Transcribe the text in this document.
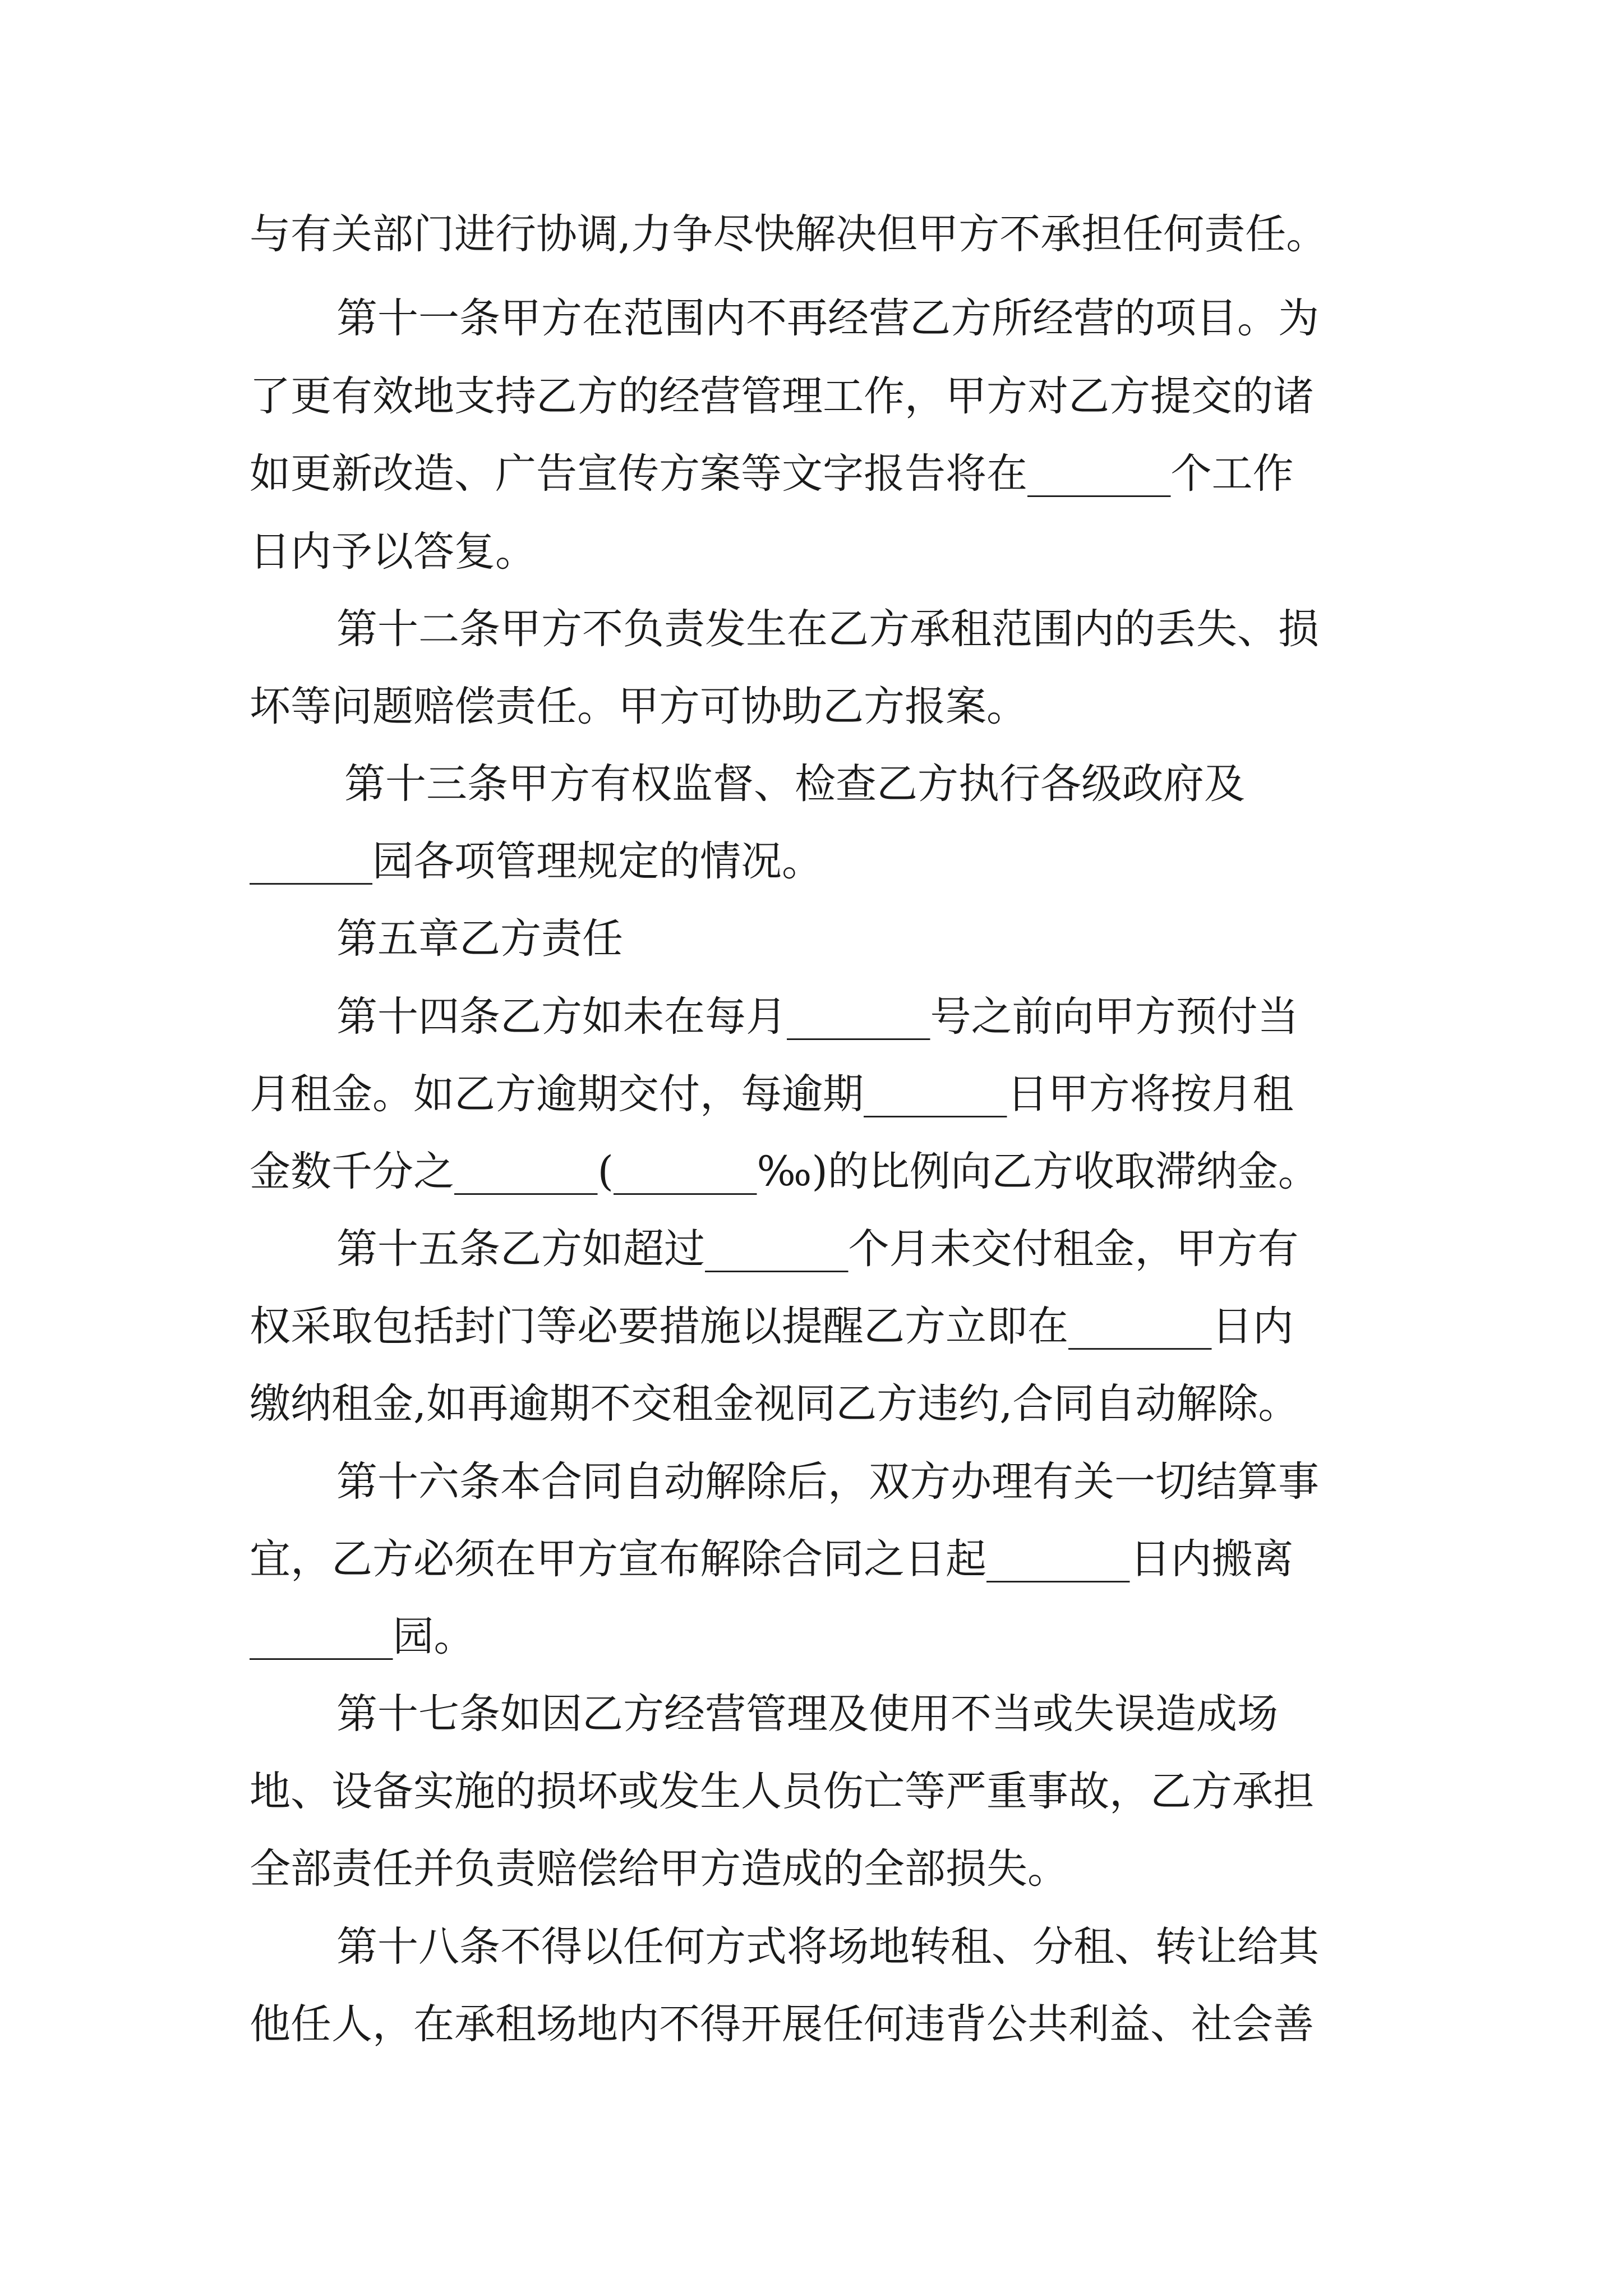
与有关部门进行协调,力争尽快解决但甲方不承担任何责任。
第十一条甲方在范围内不再经营乙方所经营的项目。为
了更有效地支持乙方的经营管理工作，甲方对乙方提交的诸
如更新改造、广告宣传方案等文字报告将在_______个工作
日内予以答复。
第十二条甲方不负责发生在乙方承租范围内的丢失、损
坏等问题赔偿责任。甲方可协助乙方报案。
第十三条甲方有权监督、检查乙方执行各级政府及
______园各项管理规定的情况。
第五章乙方责任
第十四条乙方如未在每月_______号之前向甲方预付当
月租金。如乙方逾期交付，每逾期_______日甲方将按月租
金数千分之_______(_______‰)的比例向乙方收取滞纳金。
第十五条乙方如超过_______个月未交付租金，甲方有
权采取包括封门等必要措施以提醒乙方立即在_______日内
缴纳租金,如再逾期不交租金视同乙方违约,合同自动解除。
第十六条本合同自动解除后，双方办理有关一切结算事
宜，乙方必须在甲方宣布解除合同之日起_______日内搬离
_______园。
第十七条如因乙方经营管理及使用不当或失误造成场
地、设备实施的损坏或发生人员伤亡等严重事故，乙方承担
全部责任并负责赔偿给甲方造成的全部损失。
第十八条不得以任何方式将场地转租、分租、转让给其
他任人，在承租场地内不得开展任何违背公共利益、社会善
